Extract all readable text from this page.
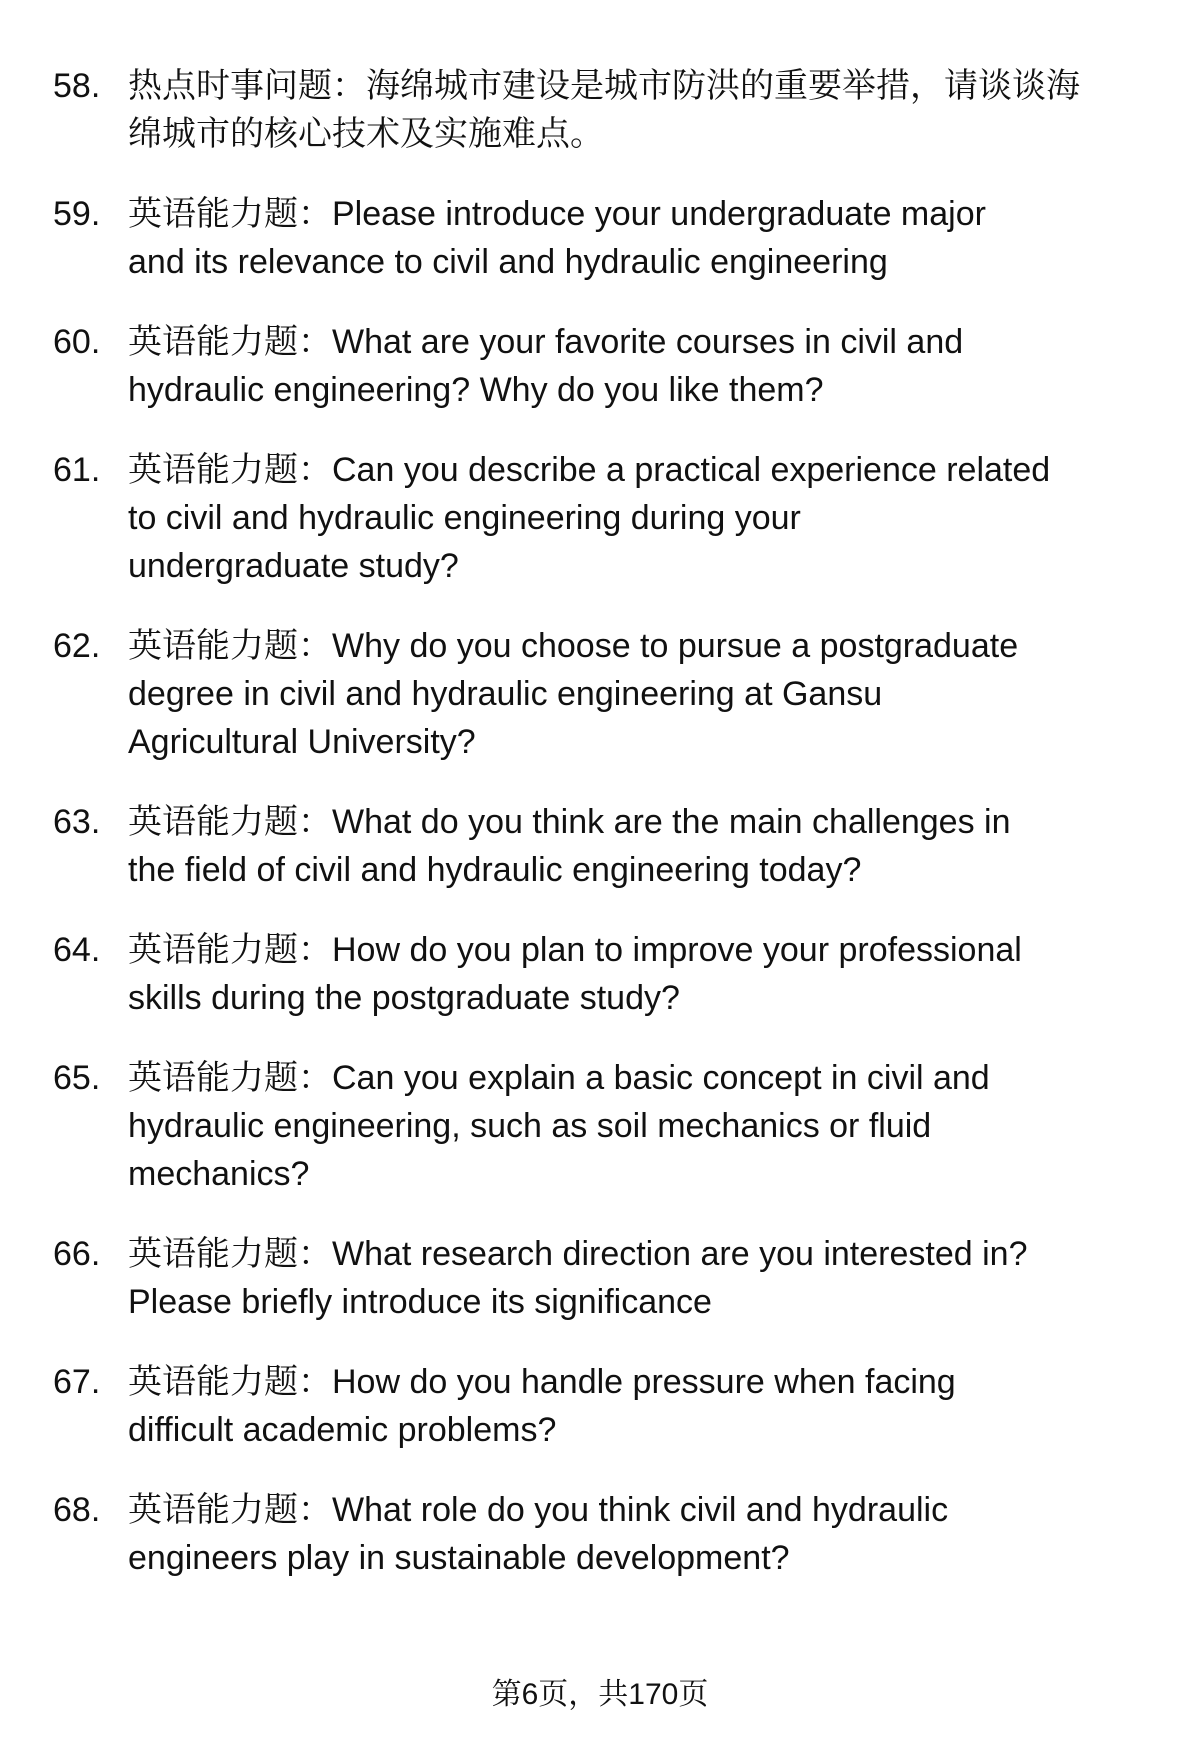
58. 热点时事问题：海绵城市建设是城市防洪的重要举措，请谈谈海
绵城市的核心技术及实施难点。
59. 英语能力题：Please introduce your undergraduate major
and its relevance to civil and hydraulic engineering
60. 英语能力题：What are your favorite courses in civil and
hydraulic engineering? Why do you like them?
61. 英语能力题：Can you describe a practical experience related
to civil and hydraulic engineering during your
undergraduate study?
62. 英语能力题：Why do you choose to pursue a postgraduate
degree in civil and hydraulic engineering at Gansu
Agricultural University?
63. 英语能力题：What do you think are the main challenges in
the field of civil and hydraulic engineering today?
64. 英语能力题：How do you plan to improve your professional
skills during the postgraduate study?
65. 英语能力题：Can you explain a basic concept in civil and
hydraulic engineering, such as soil mechanics or fluid
mechanics?
66. 英语能力题：What research direction are you interested in?
Please briefly introduce its significance
67. 英语能力题：How do you handle pressure when facing
difficult academic problems?
68. 英语能力题：What role do you think civil and hydraulic
engineers play in sustainable development?
第6页，共170页
